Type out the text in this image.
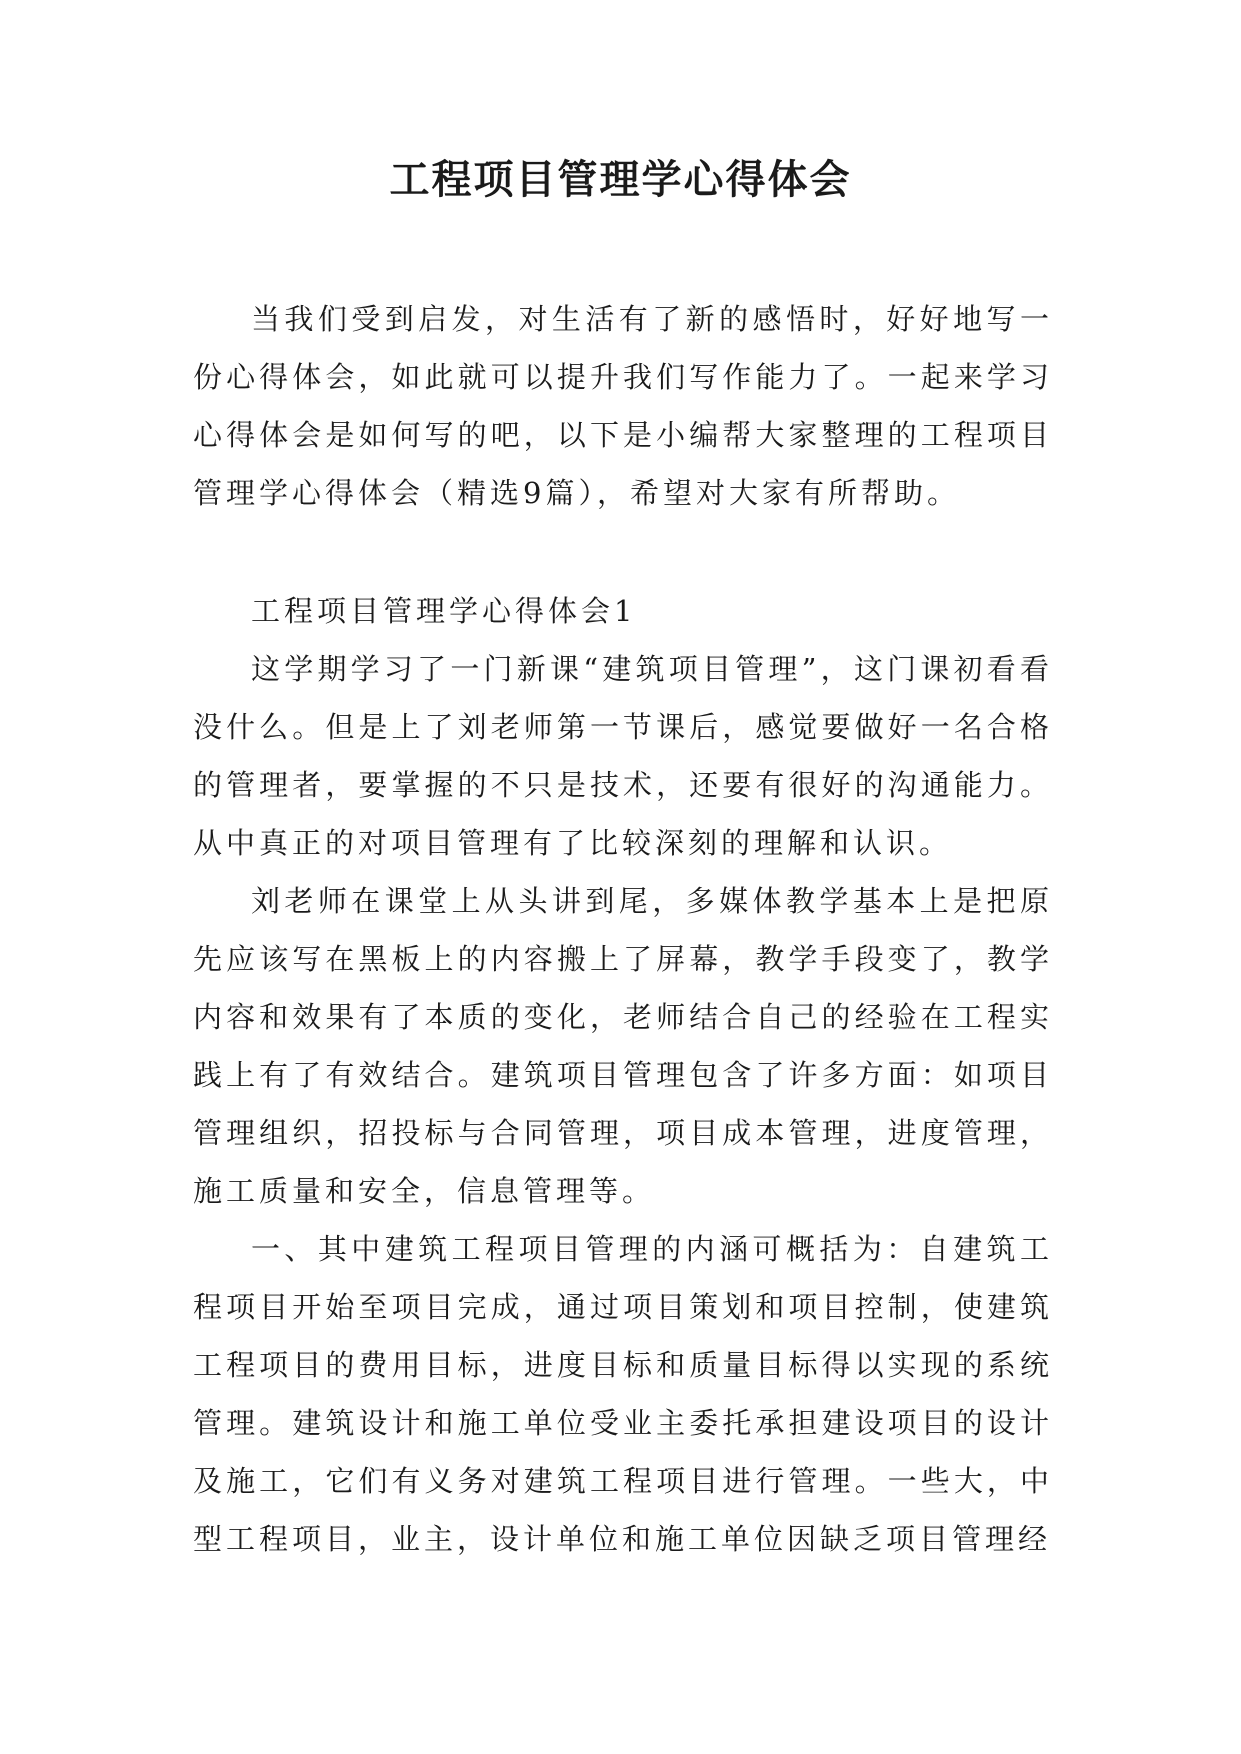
工程项目管理学心得体会

当我们受到启发，对生活有了新的感悟时，好好地写一份心得体会，如此就可以提升我们写作能力了。一起来学习心得体会是如何写的吧，以下是小编帮大家整理的工程项目管理学心得体会（精选9篇），希望对大家有所帮助。

工程项目管理学心得体会1

这学期学习了一门新课“建筑项目管理”，这门课初看看没什么。但是上了刘老师第一节课后，感觉要做好一名合格的管理者，要掌握的不只是技术，还要有很好的沟通能力。从中真正的对项目管理有了比较深刻的理解和认识。

刘老师在课堂上从头讲到尾，多媒体教学基本上是把原先应该写在黑板上的内容搬上了屏幕，教学手段变了，教学内容和效果有了本质的变化，老师结合自己的经验在工程实践上有了有效结合。建筑项目管理包含了许多方面：如项目管理组织，招投标与合同管理，项目成本管理，进度管理，施工质量和安全，信息管理等。

一、其中建筑工程项目管理的内涵可概括为：自建筑工程项目开始至项目完成，通过项目策划和项目控制，使建筑工程项目的费用目标，进度目标和质量目标得以实现的系统管理。建筑设计和施工单位受业主委托承担建设项目的设计及施工，它们有义务对建筑工程项目进行管理。一些大，中型工程项目，业主，设计单位和施工单位因缺乏项目管理经
